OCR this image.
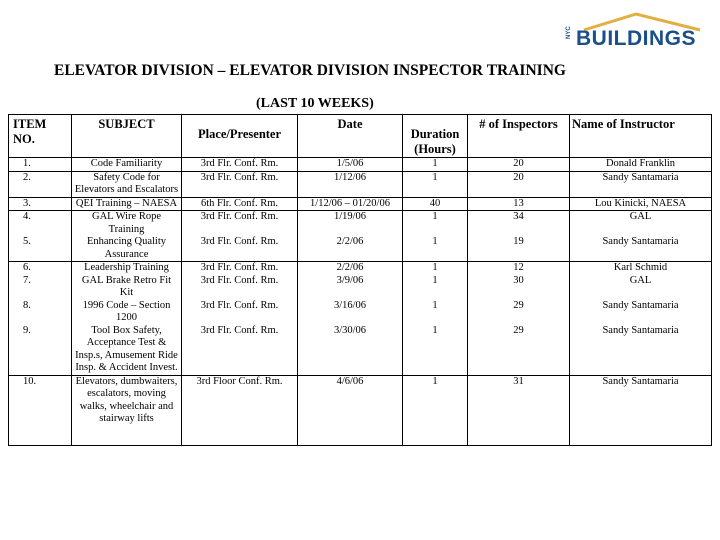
NYC BUILDINGS
ELEVATOR DIVISION – ELEVATOR DIVISION INSPECTOR TRAINING
(LAST 10 WEEKS)
ITEM NO.	SUBJECT	Place/Presenter	Date	Duration (Hours)	# of Inspectors	Name of Instructor
1.	Code Familiarity	3rd Flr. Conf. Rm.	1/5/06	1	20	Donald Franklin
2.	Safety Code for Elevators and Escalators	3rd Flr. Conf. Rm.	1/12/06	1	20	Sandy Santamaria
3.	QEI Training – NAESA	6th Flr. Conf. Rm.	1/12/06 – 01/20/06	40	13	Lou Kinicki, NAESA
4.	GAL Wire Rope Training	3rd Flr. Conf. Rm.	1/19/06	1	34	GAL
5.	Enhancing Quality Assurance	3rd Flr. Conf. Rm.	2/2/06	1	19	Sandy Santamaria
6.	Leadership Training	3rd Flr. Conf. Rm.	2/2/06	1	12	Karl Schmid
7.	GAL Brake Retro Fit Kit	3rd Flr. Conf. Rm.	3/9/06	1	30	GAL
8.	1996 Code – Section 1200	3rd Flr. Conf. Rm.	3/16/06	1	29	Sandy Santamaria
9.	Tool Box Safety, Acceptance Test & Insp.s, Amusement Ride Insp. & Accident Invest.	3rd Flr. Conf. Rm.	3/30/06	1	29	Sandy Santamaria
10.	Elevators, dumbwaiters, escalators, moving walks, wheelchair and stairway lifts	3rd Floor Conf. Rm.	4/6/06	1	31	Sandy Santamaria
